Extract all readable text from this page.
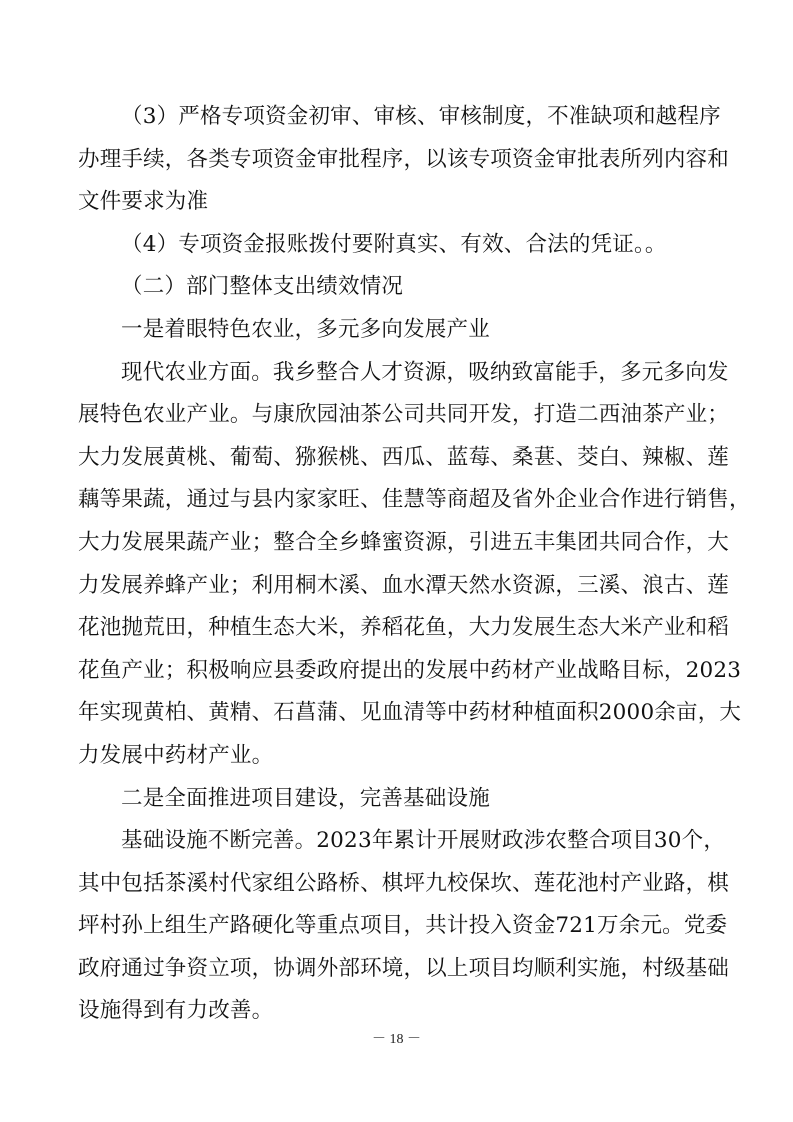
（3）严格专项资金初审、审核、审核制度，不准缺项和越程序
办理手续，各类专项资金审批程序，以该专项资金审批表所列内容和
文件要求为准
（4）专项资金报账拨付要附真实、有效、合法的凭证。。
（二）部门整体支出绩效情况
一是着眼特色农业，多元多向发展产业
现代农业方面。我乡整合人才资源，吸纳致富能手，多元多向发
展特色农业产业。与康欣园油茶公司共同开发，打造二西油茶产业；
大力发展黄桃、葡萄、猕猴桃、西瓜、蓝莓、桑葚、茭白、辣椒、莲
藕等果蔬，通过与县内家家旺、佳慧等商超及省外企业合作进行销售，
大力发展果蔬产业；整合全乡蜂蜜资源，引进五丰集团共同合作，大
力发展养蜂产业；利用桐木溪、血水潭天然水资源，三溪、浪古、莲
花池抛荒田，种植生态大米，养稻花鱼，大力发展生态大米产业和稻
花鱼产业；积极响应县委政府提出的发展中药材产业战略目标，2023
年实现黄柏、黄精、石菖蒲、见血清等中药材种植面积2000余亩，大
力发展中药材产业。
二是全面推进项目建设，完善基础设施
基础设施不断完善。2023年累计开展财政涉农整合项目30个，
其中包括茶溪村代家组公路桥、棋坪九校保坎、莲花池村产业路，棋
坪村孙上组生产路硬化等重点项目，共计投入资金721万余元。党委
政府通过争资立项，协调外部环境，以上项目均顺利实施，村级基础
设施得到有力改善。
－ 18 －
